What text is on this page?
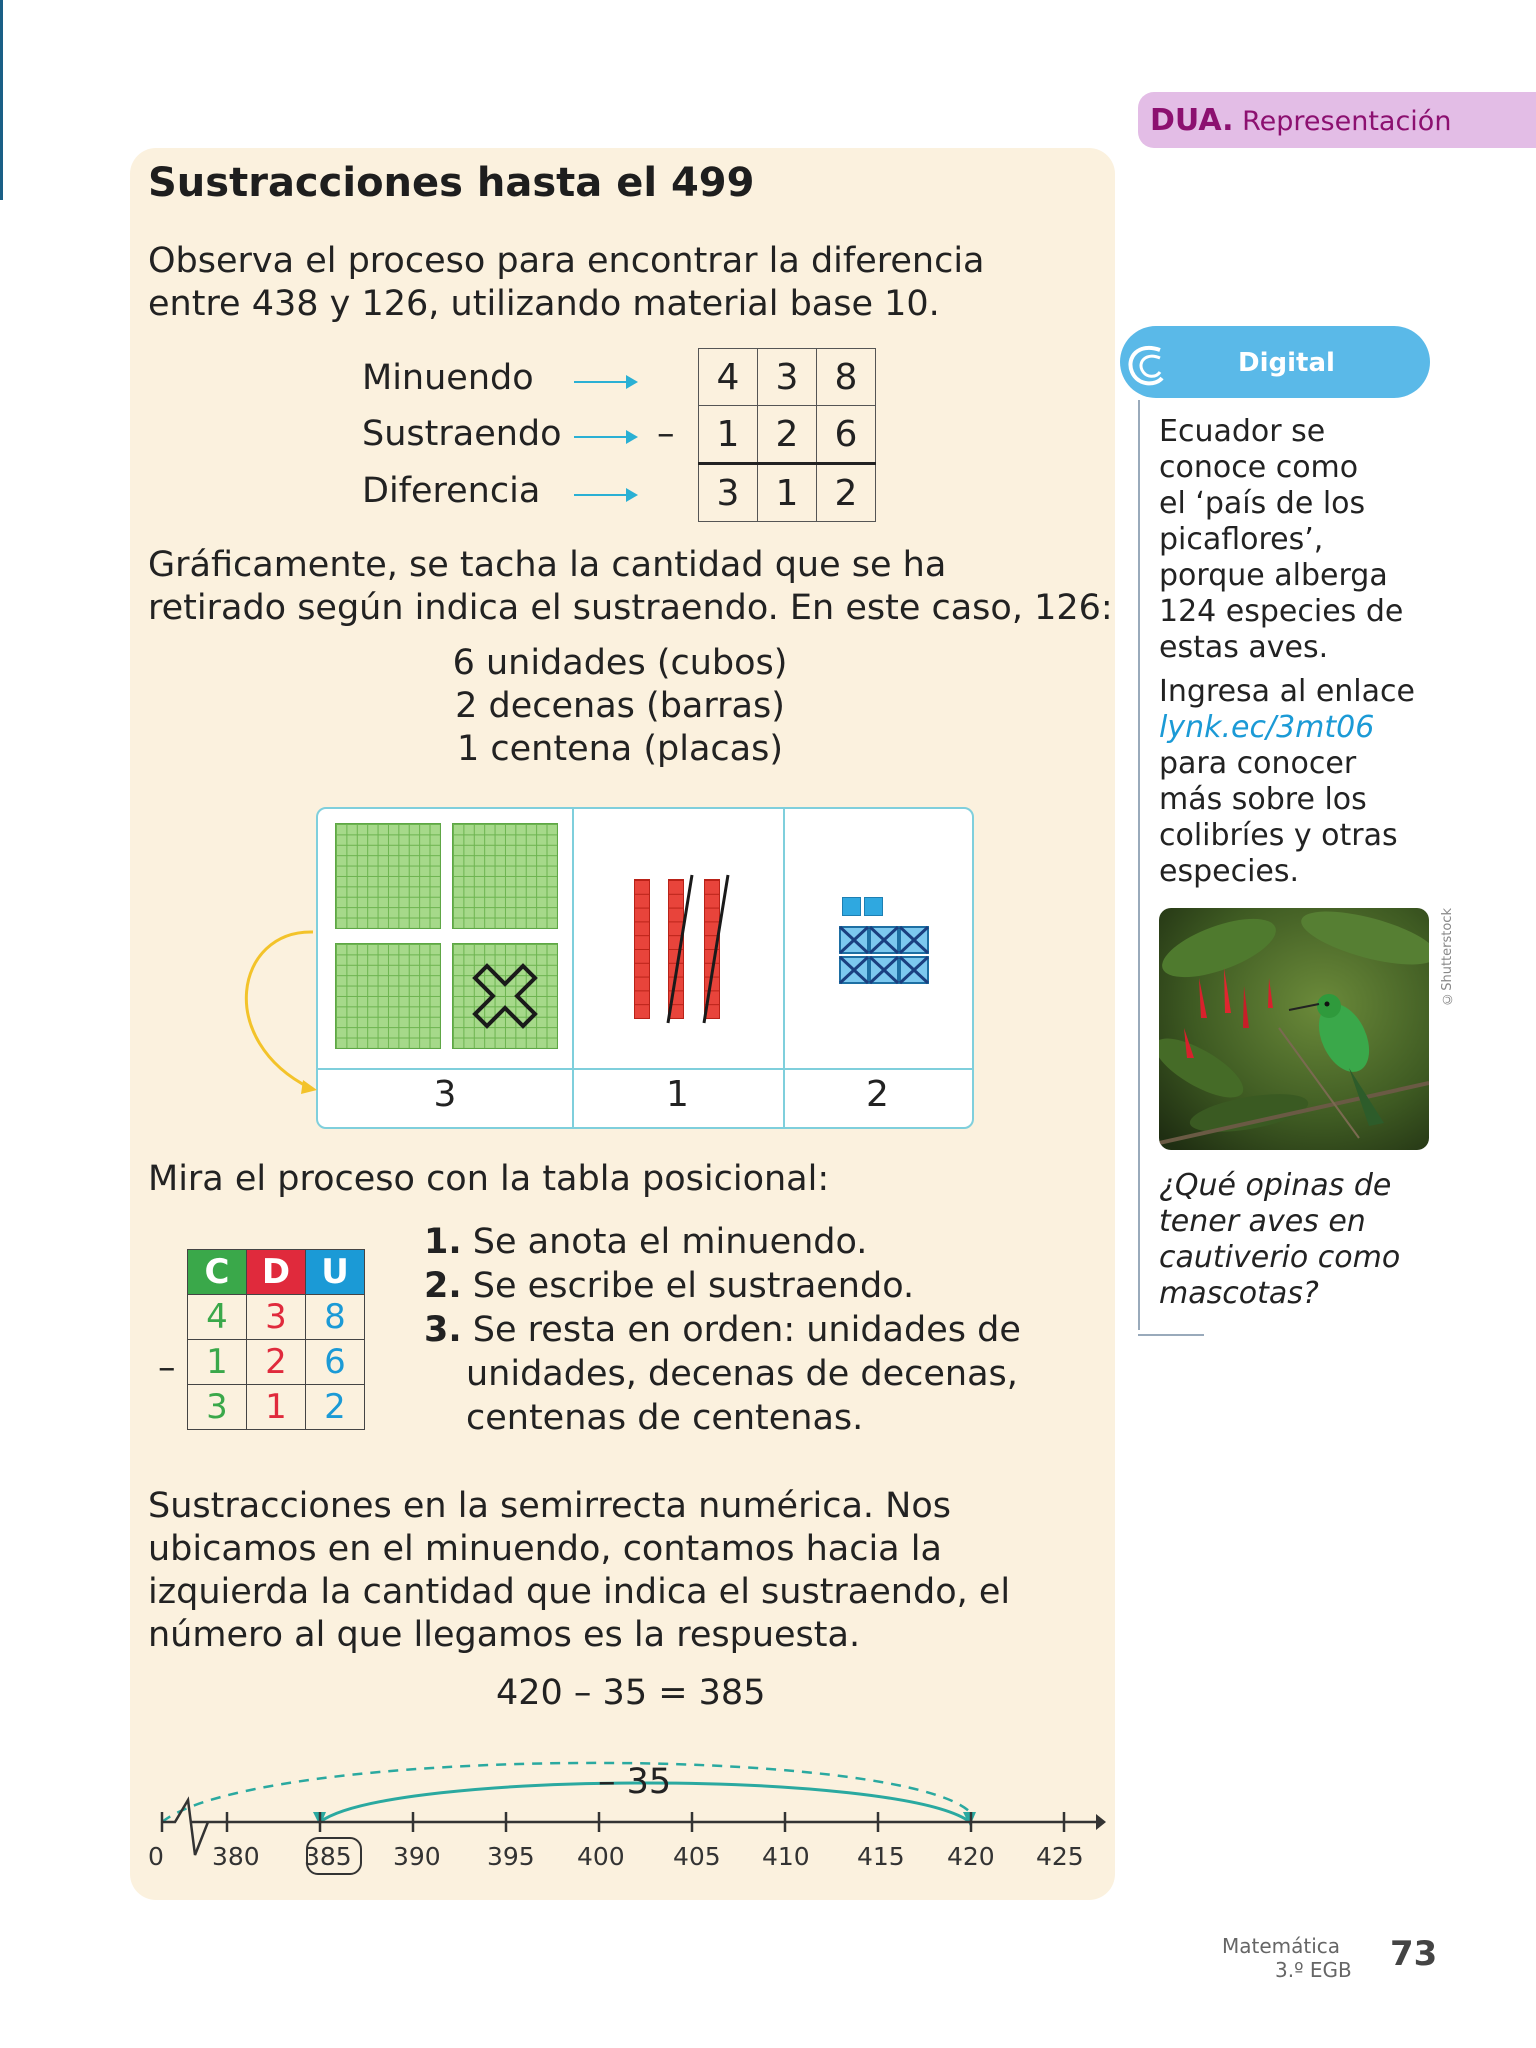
DUA. Representación
Sustracciones hasta el 499
Observa el proceso para encontrar la diferencia
entre 438 y 126, utilizando material base 10.
Minuendo
Sustraendo
Diferencia
–
4	3	8
1	2	6
3	1	2
Gráficamente, se tacha la cantidad que se ha
retirado según indica el sustraendo. En este caso, 126:
6 unidades (cubos)
2 decenas (barras)
1 centena (placas)
3	1	2
Mira el proceso con la tabla posicional:
–
C	D	U
4	3	8
1	2	6
3	1	2
1. Se anota el minuendo.
2. Se escribe el sustraendo.
3. Se resta en orden: unidades de
unidades, decenas de decenas,
centenas de centenas.
Sustracciones en la semirrecta numérica. Nos
ubicamos en el minuendo, contamos hacia la
izquierda la cantidad que indica el sustraendo, el
número al que llegamos es la respuesta.
420 – 35 = 385
– 35
0 380 385 390 395 400 405 410 415 420 425
Digital
Ecuador se
conoce como
el ‘país de los
picaflores’,
porque alberga
124 especies de
estas aves.
Ingresa al enlace
lynk.ec/3mt06
para conocer
más sobre los
colibríes y otras
especies.
©Shutterstock
¿Qué opinas de
tener aves en
cautiverio como
mascotas?
Matemática
3.º EGB 73
